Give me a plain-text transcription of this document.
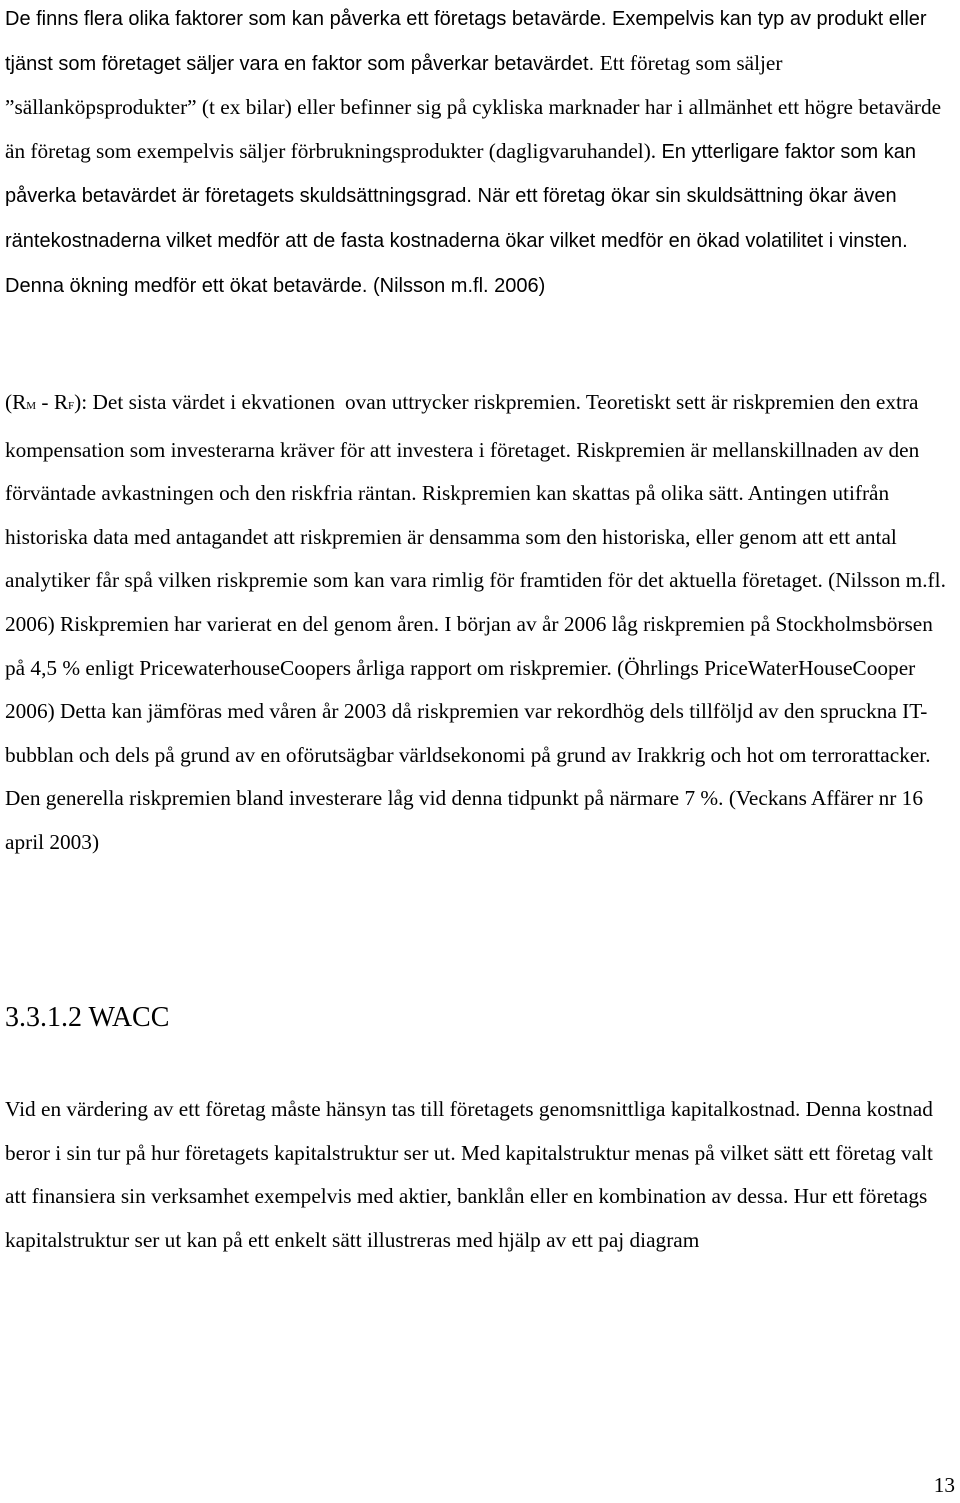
De finns flera olika faktorer som kan påverka ett företags betavärde. Exempelvis kan typ av produkt eller tjänst som företaget säljer vara en faktor som påverkar betavärdet. Ett företag som säljer ”sällanköpsprodukter” (t ex bilar) eller befinner sig på cykliska marknader har i allmänhet ett högre betavärde än företag som exempelvis säljer förbrukningsprodukter (dagligvaruhandel). En ytterligare faktor som kan påverka betavärdet är företagets skuldsättningsgrad. När ett företag ökar sin skuldsättning ökar även räntekostnaderna vilket medför att de fasta kostnaderna ökar vilket medför en ökad volatilitet i vinsten. Denna ökning medför ett ökat betavärde. (Nilsson m.fl. 2006)

(RM - RF): Det sista värdet i ekvationen ovan uttrycker riskpremien. Teoretiskt sett är riskpremien den extra kompensation som investerarna kräver för att investera i företaget. Riskpremien är mellanskillnaden av den förväntade avkastningen och den riskfria räntan. Riskpremien kan skattas på olika sätt. Antingen utifrån historiska data med antagandet att riskpremien är densamma som den historiska, eller genom att ett antal analytiker får spå vilken riskpremie som kan vara rimlig för framtiden för det aktuella företaget. (Nilsson m.fl. 2006) Riskpremien har varierat en del genom åren. I början av år 2006 låg riskpremien på Stockholmsbörsen på 4,5 % enligt PricewaterhouseCoopers årliga rapport om riskpremier. (Öhrlings PriceWaterHouseCooper 2006) Detta kan jämföras med våren år 2003 då riskpremien var rekordhög dels tillföljd av den spruckna IT-bubblan och dels på grund av en oförutsägbar världsekonomi på grund av Irakkrig och hot om terrorattacker. Den generella riskpremien bland investerare låg vid denna tidpunkt på närmare 7 %. (Veckans Affärer nr 16 april 2003)

3.3.1.2 WACC

Vid en värdering av ett företag måste hänsyn tas till företagets genomsnittliga kapitalkostnad. Denna kostnad beror i sin tur på hur företagets kapitalstruktur ser ut. Med kapitalstruktur menas på vilket sätt ett företag valt att finansiera sin verksamhet exempelvis med aktier, banklån eller en kombination av dessa. Hur ett företags kapitalstruktur ser ut kan på ett enkelt sätt illustreras med hjälp av ett paj diagram

13
